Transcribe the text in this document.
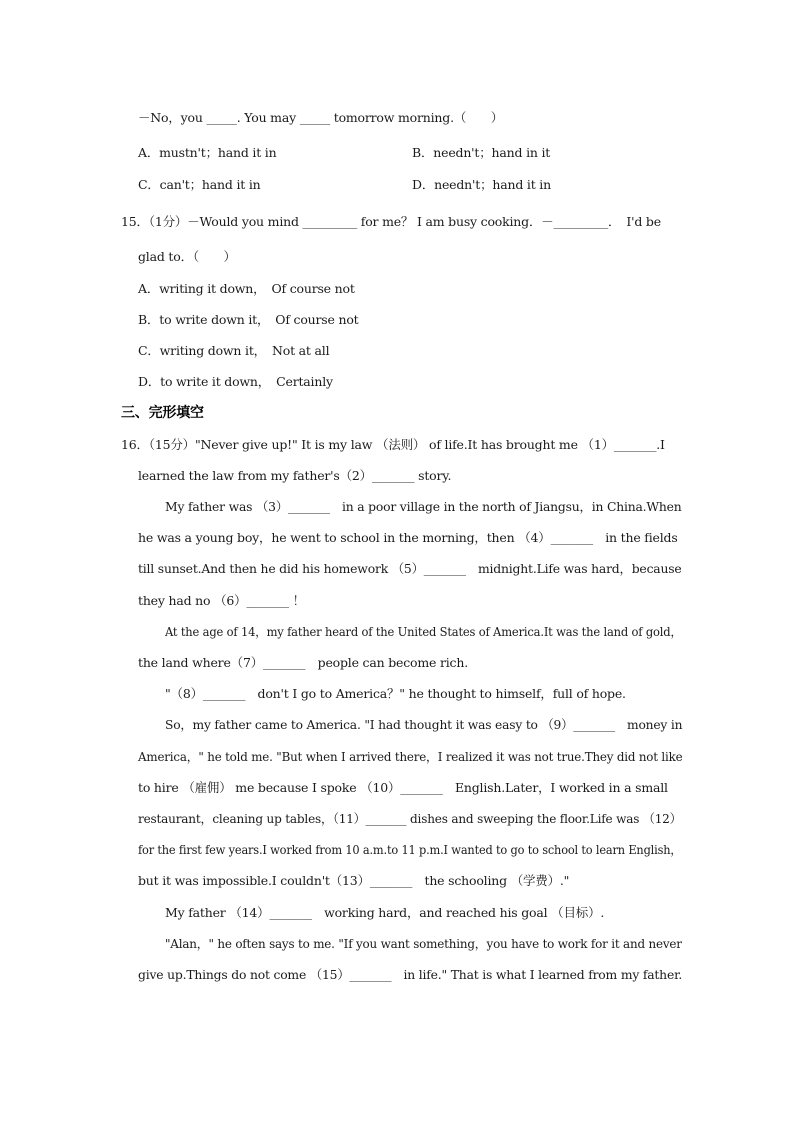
－No，you _____. You may _____ tomorrow morning.（　　）
A．mustn't；hand it in	B．needn't；hand in it
C．can't；hand it in	D．needn't；hand it in
15．（1分）－Would you mind _________ for me？ I am busy cooking．－_________．　I'd be
glad to．（　　）
A．writing it down，　Of course not
B．to write down it，　Of course not
C．writing down it，　Not at all
D．to write it down，　Certainly
三、完形填空
16．（15分）"Never give up!" It is my law （法则） of life.It has brought me （1）_______.I
learned the law from my father's（2）_______ story.
My father was （3）_______　in a poor village in the north of Jiangsu，in China.When
he was a young boy，he went to school in the morning，then （4）_______　in the fields
till sunset.And then he did his homework （5）_______　midnight.Life was hard，because
they had no （6）_______ ！
At the age of 14，my father heard of the United States of America.It was the land of gold，
the land where（7）_______　people can become rich.
"（8）_______　don't I go to America？" he thought to himself，full of hope.
So，my father came to America. "I had thought it was easy to （9）_______　money in
America，" he told me. "But when I arrived there，I realized it was not true.They did not like
to hire （雇佣） me because I spoke （10）_______　English.Later，I worked in a small
restaurant，cleaning up tables，（11）_______ dishes and sweeping the floor.Life was （12）
for the first few years.I worked from 10 a.m.to 11 p.m.I wanted to go to school to learn English，
but it was impossible.I couldn't（13）_______　the schooling （学费）."
My father （14）_______　working hard，and reached his goal （目标）.
"Alan，" he often says to me. "If you want something，you have to work for it and never
give up.Things do not come （15）_______　in life." That is what I learned from my father.
